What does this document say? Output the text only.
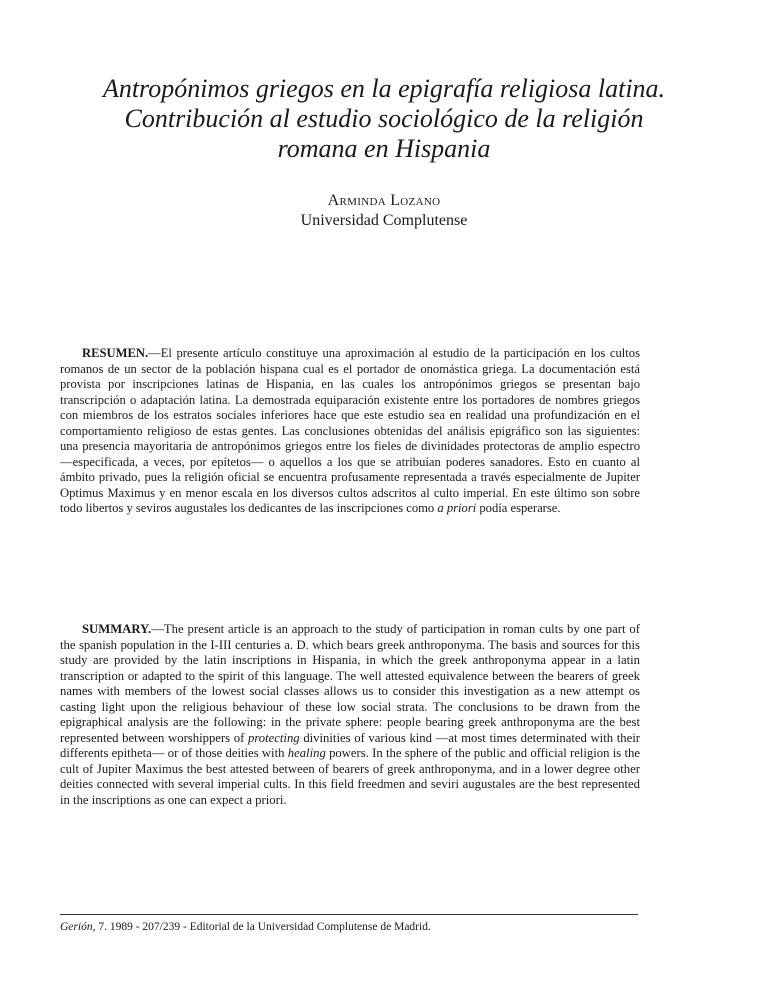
Antropónimos griegos en la epigrafía religiosa latina.
Contribución al estudio sociológico de la religión
romana en Hispania
Arminda Lozano
Universidad Complutense

RESUMEN.—El presente artículo constituye una aproximación al estudio de la participación en los cultos romanos de un sector de la población hispana cual es el portador de onomástica griega. La documentación está provista por inscripciones latinas de Hispania, en las cuales los antropónimos griegos se presentan bajo transcripción o adaptación latina. La demostrada equiparación existente entre los portadores de nombres griegos con miembros de los estratos sociales inferiores hace que este estudio sea en realidad una profundización en el comportamiento religioso de estas gentes. Las conclusiones obtenidas del análisis epigráfico son las siguientes: una presencia mayoritaria de antropónimos griegos entre los fieles de divinidades protectoras de amplio espectro —especificada, a veces, por epítetos— o aquellos a los que se atribuían poderes sanadores. Esto en cuanto al ámbito privado, pues la religión oficial se encuentra profusamente representada a través especialmente de Jupiter Optimus Maximus y en menor escala en los diversos cultos adscritos al culto imperial. En este último son sobre todo libertos y seviros augustales los dedicantes de las inscripciones como a priori podía esperarse.

SUMMARY.—The present article is an approach to the study of participation in roman cults by one part of the spanish population in the I-III centuries a. D. which bears greek anthroponyma. The basis and sources for this study are provided by the latin inscriptions in Hispania, in which the greek anthroponyma appear in a latin transcription or adapted to the spirit of this language. The well attested equivalence between the bearers of greek names with members of the lowest social classes allows us to consider this investigation as a new attempt os casting light upon the religious behaviour of these low social strata. The conclusions to be drawn from the epigraphical analysis are the following: in the private sphere: people bearing greek anthroponyma are the best represented between worshippers of protecting divinities of various kind —at most times determinated with their differents epitheta— or of those deities with healing powers. In the sphere of the public and official religion is the cult of Jupiter Maximus the best attested between of bearers of greek anthroponyma, and in a lower degree other deities connected with several imperial cults. In this field freedmen and seviri augustales are the best represented in the inscriptions as one can expect a priori.

Gerión, 7. 1989 - 207/239 - Editorial de la Universidad Complutense de Madrid.
